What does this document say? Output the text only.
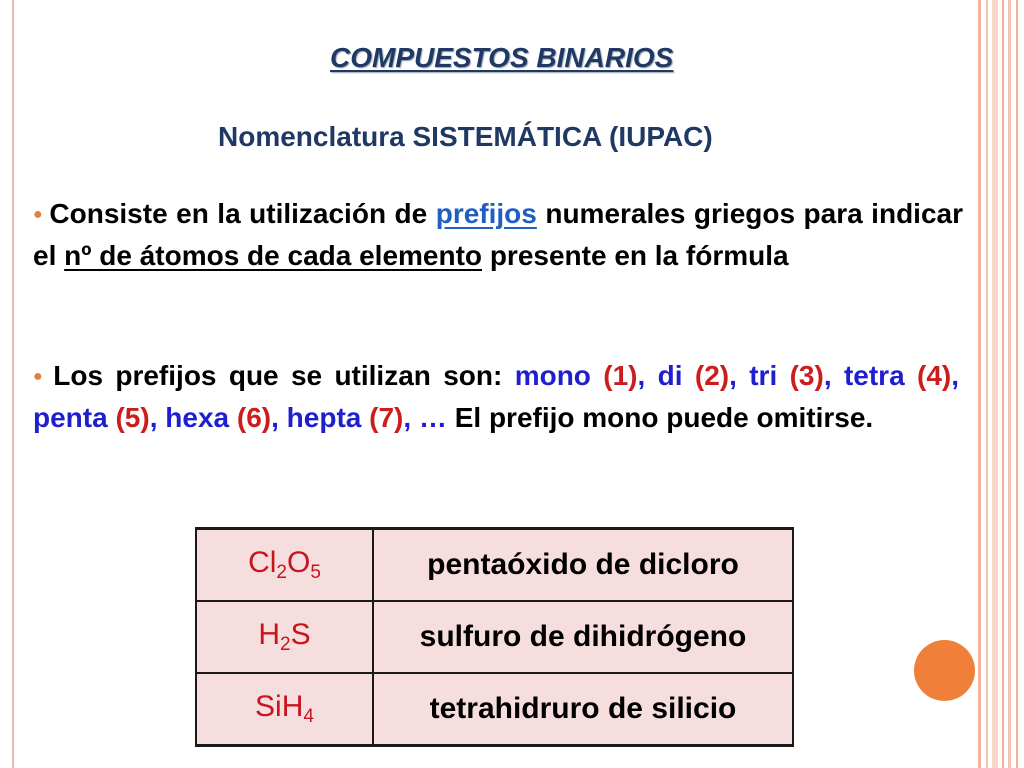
COMPUESTOS BINARIOS
Nomenclatura SISTEMÁTICA (IUPAC)
● Consiste en la utilización de prefijos numerales griegos para indicar el nº de átomos de cada elemento presente en la fórmula
● Los prefijos que se utilizan son: mono (1), di (2), tri (3), tetra (4), penta (5), hexa (6), hepta (7), … El prefijo mono puede omitirse.
$Cl_2O_5$	pentaóxido de dicloro
$H_2S$	sulfuro de dihidrógeno
SiH$_4$	tetrahidruro de silicio
